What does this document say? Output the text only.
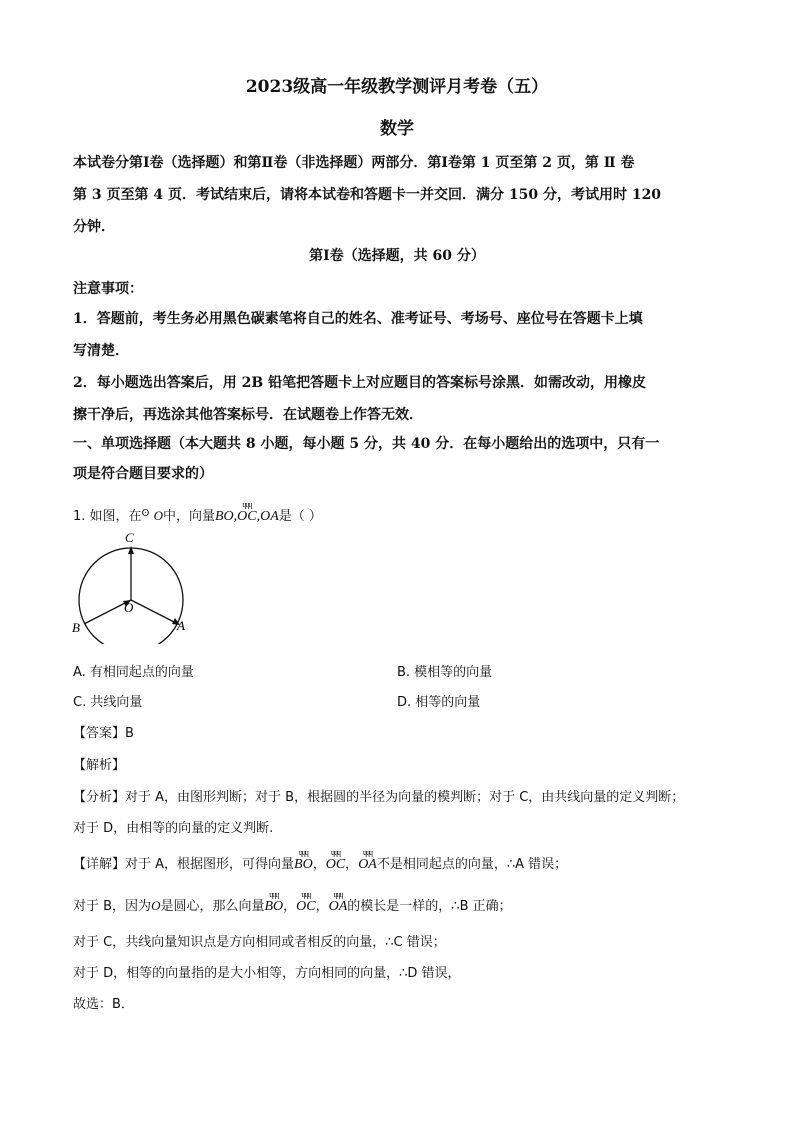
2023级高一年级教学测评月考卷（五）
数学
本试卷分第Ⅰ卷（选择题）和第Ⅱ卷（非选择题）两部分．第Ⅰ卷第 1 页至第 2 页，第 Ⅱ 卷
第 3 页至第 4 页．考试结束后，请将本试卷和答题卡一并交回．满分 150 分，考试用时 120
分钟．
第Ⅰ卷（选择题，共 60 分）
注意事项：
1．答题前，考生务必用黑色碳素笔将自己的姓名、准考证号、考场号、座位号在答题卡上填
写清楚．
2．每小题选出答案后，用 2B 铅笔把答题卡上对应题目的答案标号涂黑．如需改动，用橡皮
擦干净后，再选涂其他答案标号．在试题卷上作答无效．
一、单项选择题（本大题共 8 小题，每小题 5 分，共 40 分．在每小题给出的选项中，只有一
项是符合题目要求的）
1. 如图，在$^ʘ$ O中，向量
ɥɥɥ
BO,OC,OA是（ ）
C
O
B	A
A. 有相同起点的向量	B. 模相等的向量
C. 共线向量	D. 相等的向量
【答案】B
【解析】
【分析】对于 A，由图形判断；对于 B，根据圆的半径为向量的模判断；对于 C，由共线向量的定义判断；
对于 D，由相等的向量的定义判断.
【详解】对于 A，根据图形，可得向量
ɥɥɥ
BO，
ɥɥɥ
OC，
ɥɥɥ
OA不是相同起点的向量，∴A 错误；
对于 B，因为O是圆心，那么向量
ɥɥɥ
BO，
ɥɥɥ
OC，
ɥɥɥ
OA的模长是一样的，∴B 正确；
对于 C，共线向量知识点是方向相同或者相反的向量，∴C 错误；
对于 D，相等的向量指的是大小相等，方向相同的向量，∴D 错误，
故选：B．
